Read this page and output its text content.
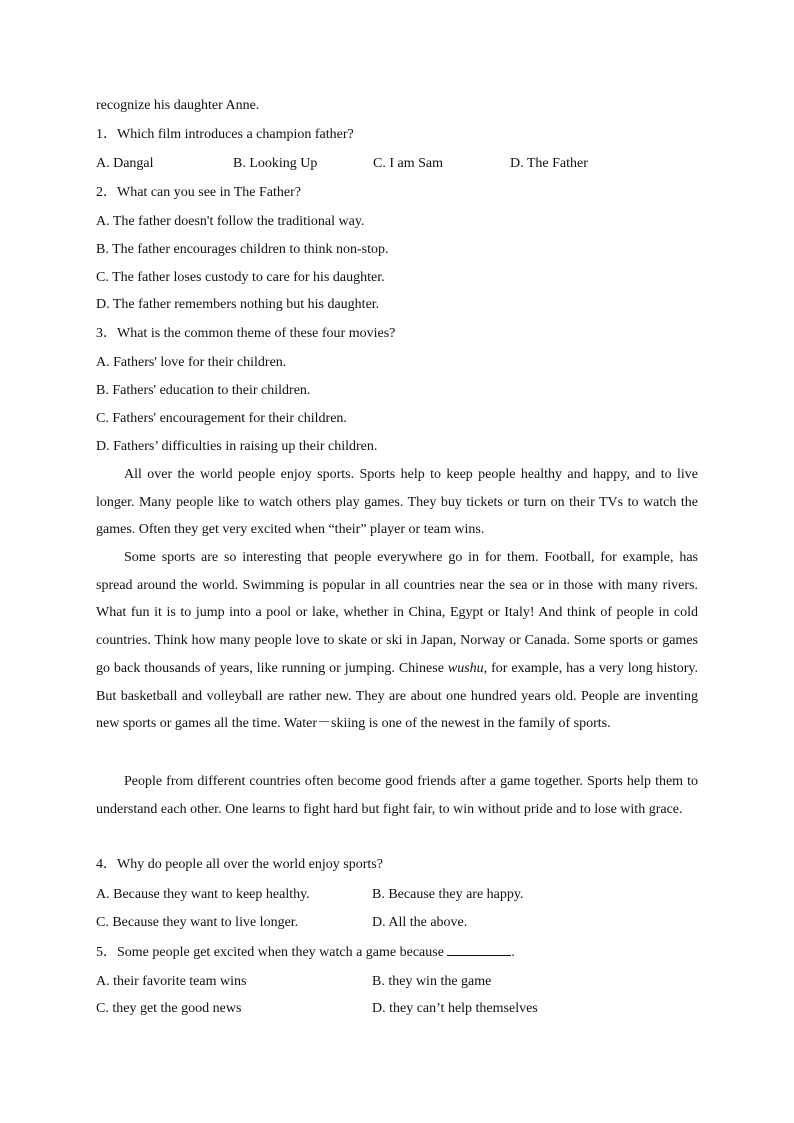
recognize his daughter Anne.
1．Which film introduces a champion father?
A. Dangal	B. Looking Up	C. I am Sam	D. The Father
2．What can you see in The Father?
A. The father doesn't follow the traditional way.
B. The father encourages children to think non-stop.
C. The father loses custody to care for his daughter.
D. The father remembers nothing but his daughter.
3．What is the common theme of these four movies?
A. Fathers' love for their children.
B. Fathers' education to their children.
C. Fathers' encouragement for their children.
D. Fathers’ difficulties in raising up their children.
All over the world people enjoy sports. Sports help to keep people healthy and happy, and to live longer. Many people like to watch others play games. They buy tickets or turn on their TVs to watch the games. Often they get very excited when “their” player or team wins.
Some sports are so interesting that people everywhere go in for them. Football, for example, has spread around the world. Swimming is popular in all countries near the sea or in those with many rivers. What fun it is to jump into a pool or lake, whether in China, Egypt or Italy! And think of people in cold countries. Think how many people love to skate or ski in Japan, Norway or Canada. Some sports or games go back thousands of years, like running or jumping. Chinese wushu, for example, has a very long history. But basketball and volleyball are rather new. They are about one hundred years old. People are inventing new sports or games all the time. Water－skiing is one of the newest in the family of sports.
People from different countries often become good friends after a game together. Sports help them to understand each other. One learns to fight hard but fight fair, to win without pride and to lose with grace.
4．Why do people all over the world enjoy sports?
A. Because they want to keep healthy.	B. Because they are happy.
C. Because they want to live longer.	D. All the above.
5．Some people get excited when they watch a game because	.
A. their favorite team wins	B. they win the game
C. they get the good news	D. they can’t help themselves
